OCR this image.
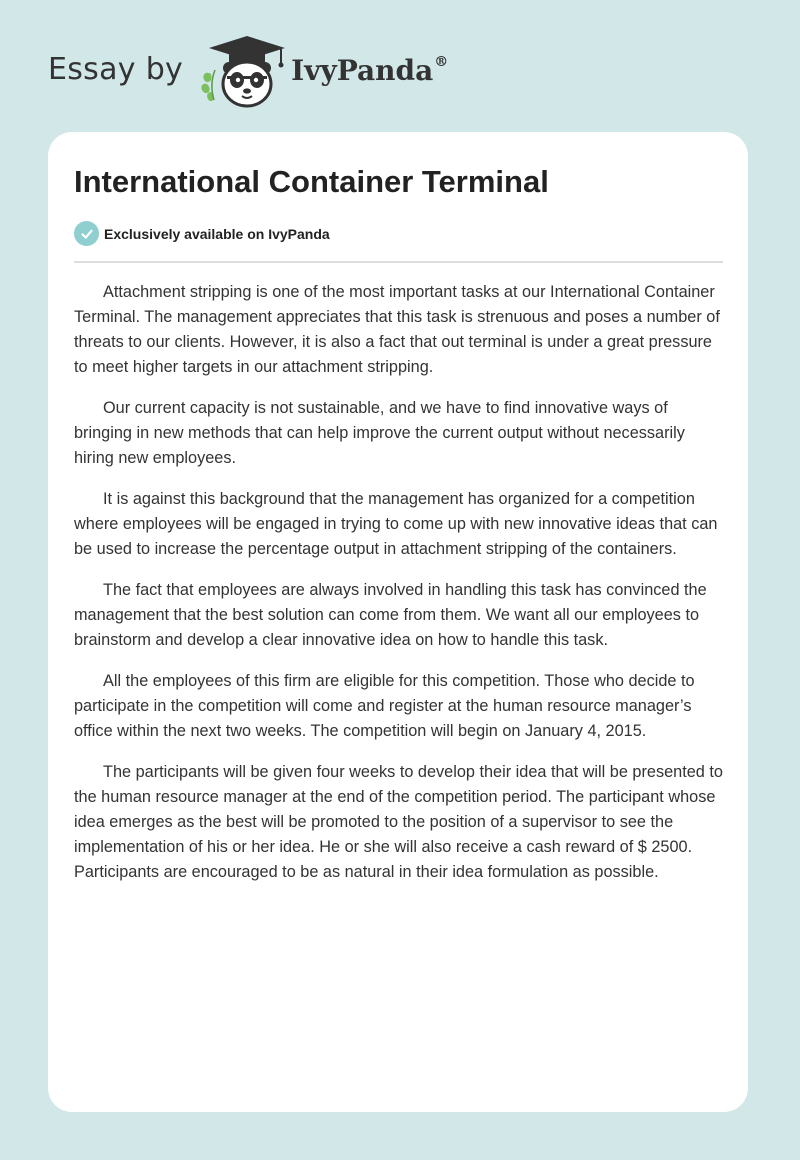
Essay by	IvyPanda®
International Container Terminal
Exclusively available on IvyPanda

Attachment stripping is one of the most important tasks at our International Container Terminal. The management appreciates that this task is strenuous and poses a number of threats to our clients. However, it is also a fact that out terminal is under a great pressure to meet higher targets in our attachment stripping.

Our current capacity is not sustainable, and we have to find innovative ways of bringing in new methods that can help improve the current output without necessarily hiring new employees.

It is against this background that the management has organized for a competition where employees will be engaged in trying to come up with new innovative ideas that can be used to increase the percentage output in attachment stripping of the containers.

The fact that employees are always involved in handling this task has convinced the management that the best solution can come from them. We want all our employees to brainstorm and develop a clear innovative idea on how to handle this task.

All the employees of this firm are eligible for this competition. Those who decide to participate in the competition will come and register at the human resource manager’s office within the next two weeks. The competition will begin on January 4, 2015.

The participants will be given four weeks to develop their idea that will be presented to the human resource manager at the end of the competition period. The participant whose idea emerges as the best will be promoted to the position of a supervisor to see the implementation of his or her idea. He or she will also receive a cash reward of $ 2500. Participants are encouraged to be as natural in their idea formulation as possible.
